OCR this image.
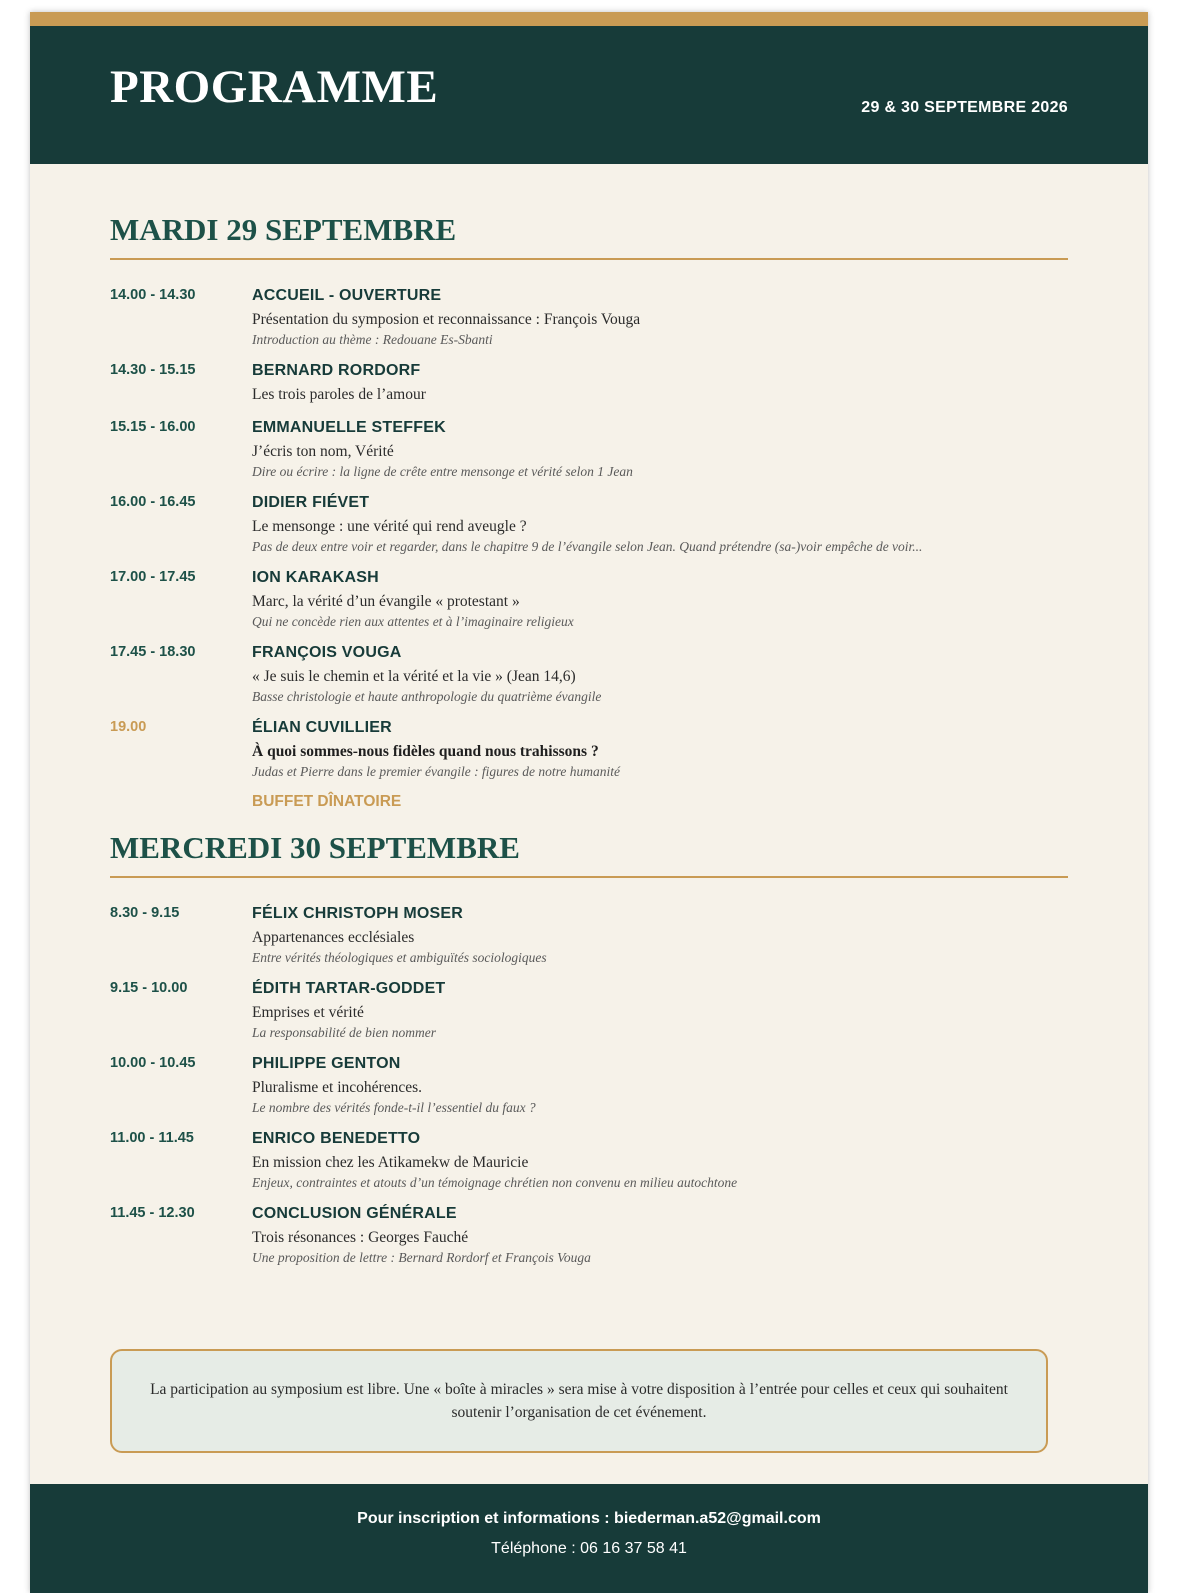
PROGRAMME	29 & 30 SEPTEMBRE 2026
MARDI 29 SEPTEMBRE
14.00 - 14.30	ACCUEIL - OUVERTURE
Présentation du symposion et reconnaissance : François Vouga
Introduction au thème : Redouane Es-Sbanti
14.30 - 15.15	BERNARD RORDORF
Les trois paroles de l’amour
15.15 - 16.00	EMMANUELLE STEFFEK
J’écris ton nom, Vérité
Dire ou écrire : la ligne de crête entre mensonge et vérité selon 1 Jean
16.00 - 16.45	DIDIER FIÉVET
Le mensonge : une vérité qui rend aveugle ?
Pas de deux entre voir et regarder, dans le chapitre 9 de l’évangile selon Jean. Quand prétendre (sa-)voir empêche de voir...
17.00 - 17.45	ION KARAKASH
Marc, la vérité d’un évangile « protestant »
Qui ne concède rien aux attentes et à l’imaginaire religieux
17.45 - 18.30	FRANÇOIS VOUGA
« Je suis le chemin et la vérité et la vie » (Jean 14,6)
Basse christologie et haute anthropologie du quatrième évangile
19.00	ÉLIAN CUVILLIER
À quoi sommes-nous fidèles quand nous trahissons ?
Judas et Pierre dans le premier évangile : figures de notre humanité
BUFFET DÎNATOIRE
MERCREDI 30 SEPTEMBRE
8.30 - 9.15	FÉLIX CHRISTOPH MOSER
Appartenances ecclésiales
Entre vérités théologiques et ambiguïtés sociologiques
9.15 - 10.00	ÉDITH TARTAR-GODDET
Emprises et vérité
La responsabilité de bien nommer
10.00 - 10.45	PHILIPPE GENTON
Pluralisme et incohérences.
Le nombre des vérités fonde-t-il l’essentiel du faux ?
11.00 - 11.45	ENRICO BENEDETTO
En mission chez les Atikamekw de Mauricie
Enjeux, contraintes et atouts d’un témoignage chrétien non convenu en milieu autochtone
11.45 - 12.30	CONCLUSION GÉNÉRALE
Trois résonances : Georges Fauché
Une proposition de lettre : Bernard Rordorf et François Vouga
La participation au symposium est libre. Une « boîte à miracles » sera mise à votre disposition à l’entrée pour celles et ceux qui souhaitent soutenir l’organisation de cet événement.
Pour inscription et informations : biederman.a52@gmail.com
Téléphone : 06 16 37 58 41
